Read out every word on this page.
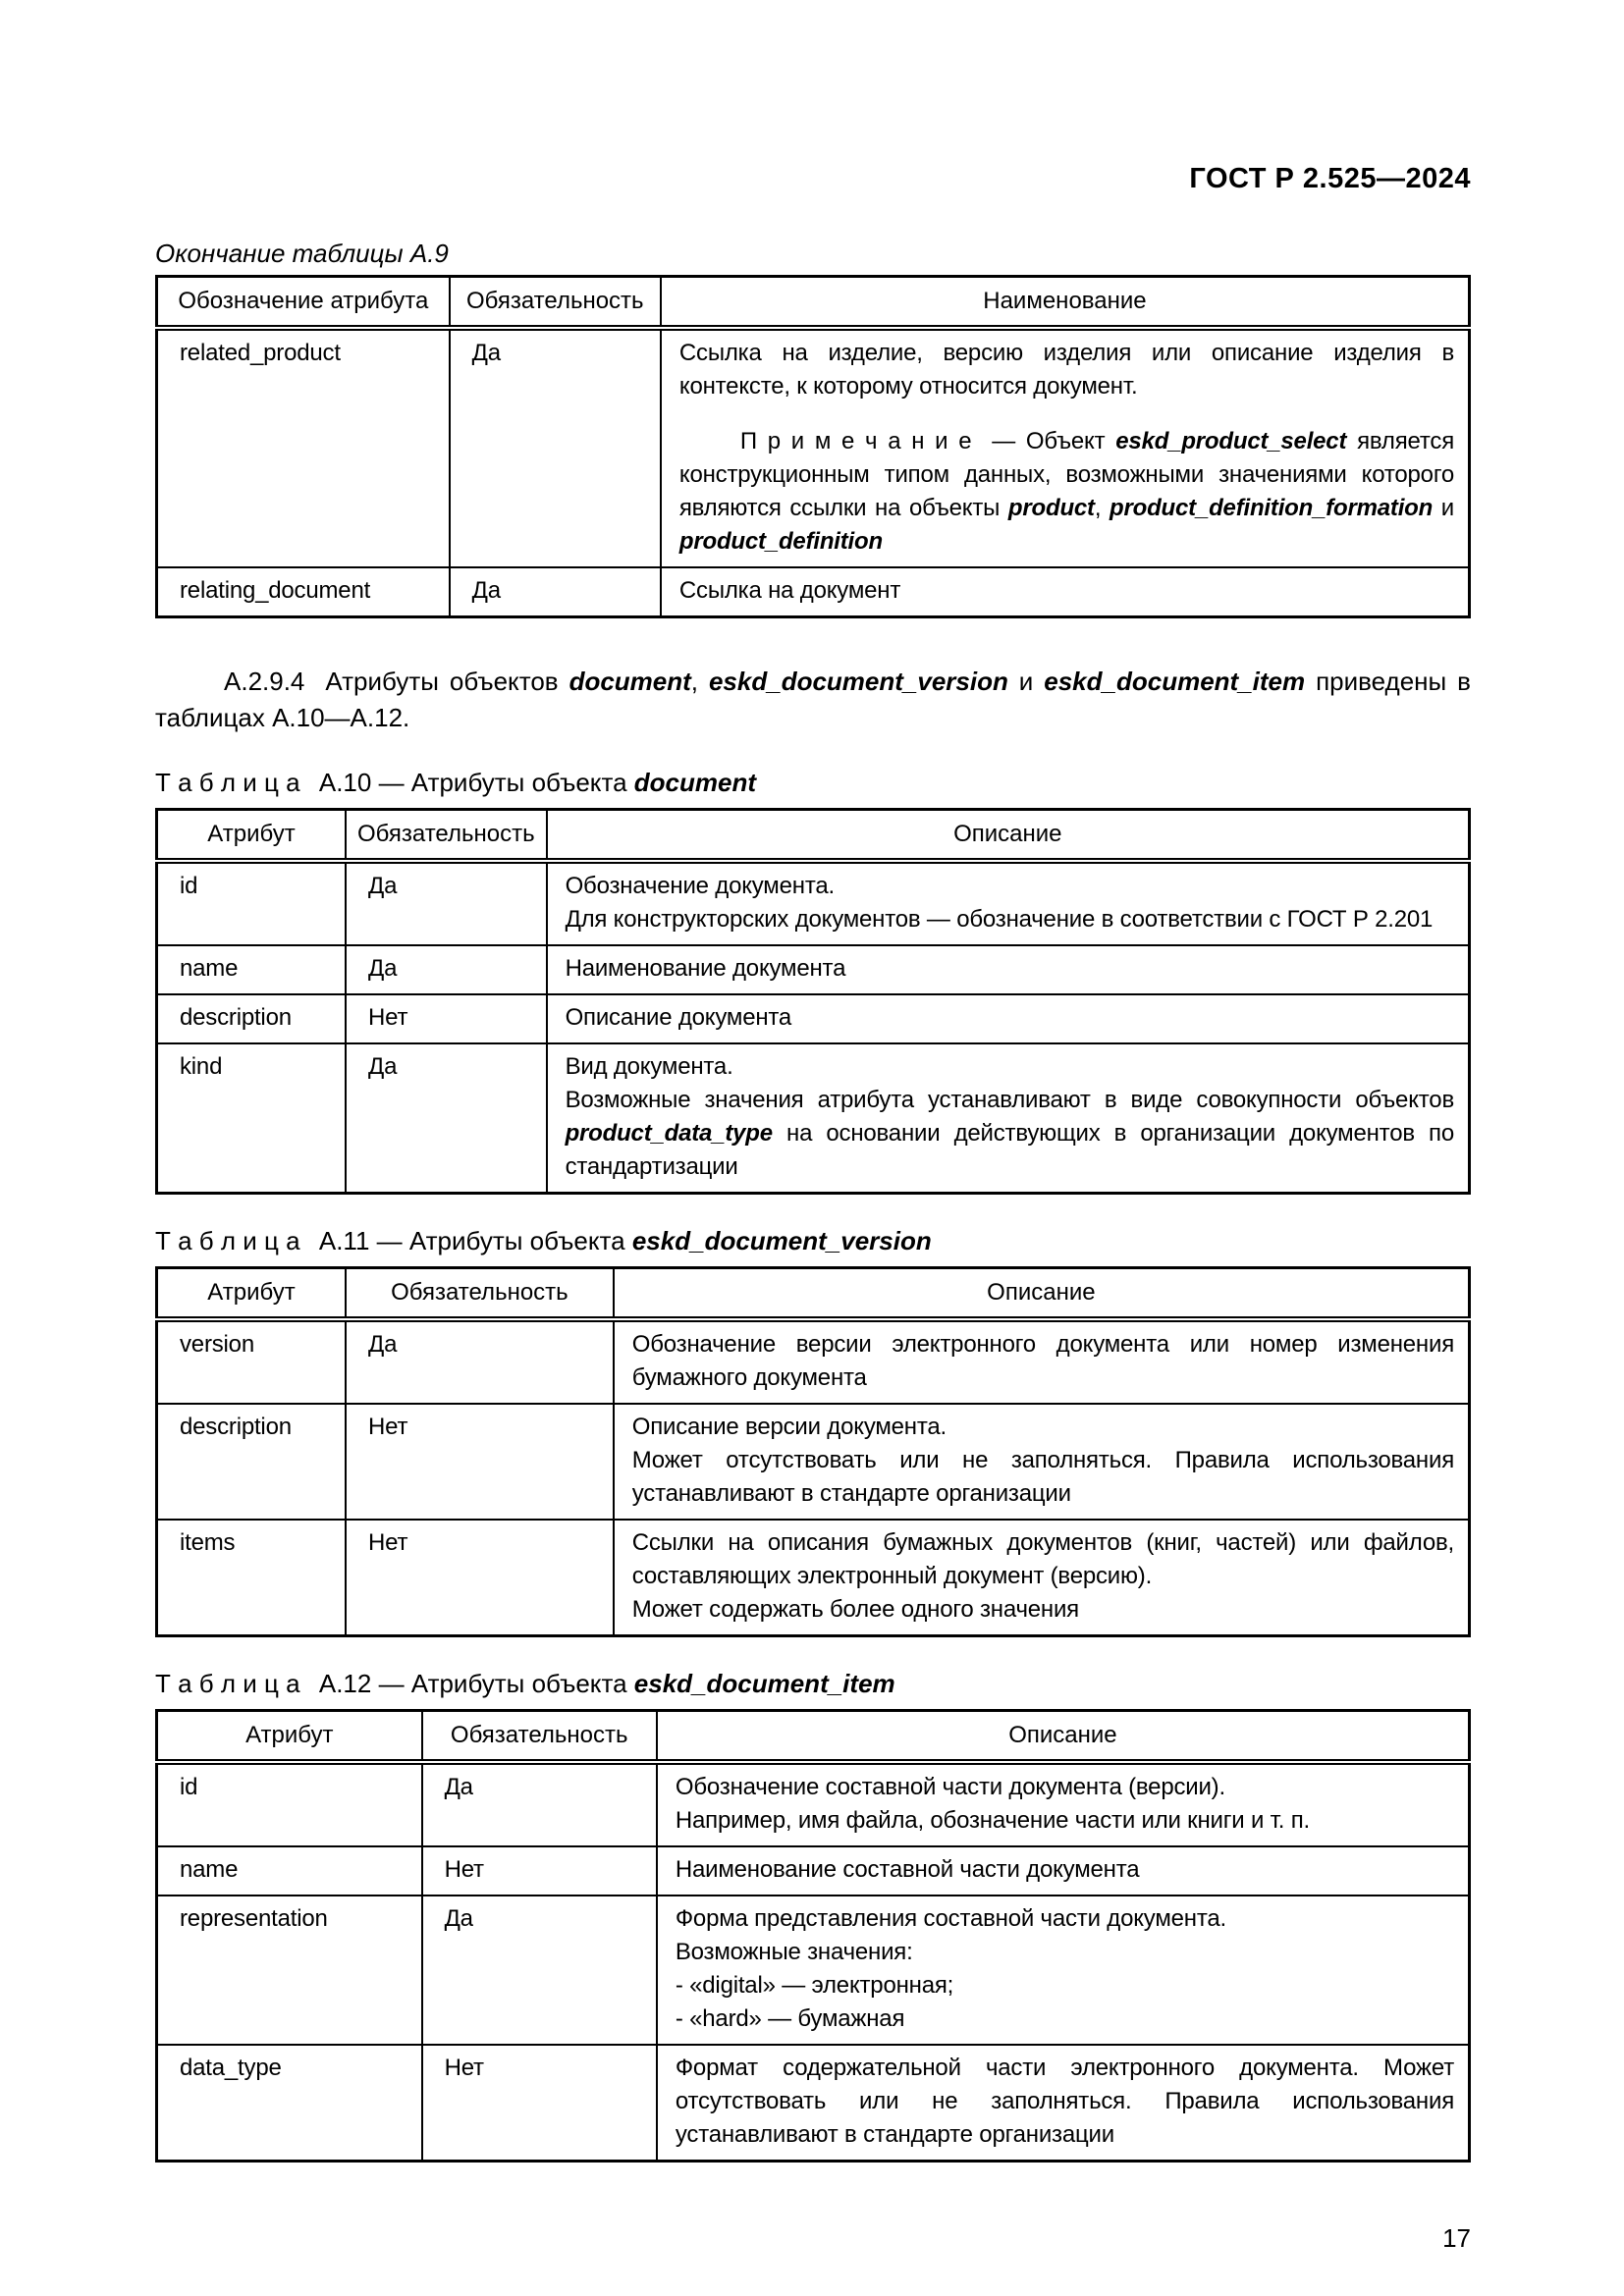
ГОСТ Р 2.525—2024

Окончание таблицы А.9

Обозначение атрибута	Обязательность	Наименование
related_product	Да	Ссылка на изделие, версию изделия или описание изделия в контексте, к которому относится документ.
П р и м е ч а н и е — Объект eskd_product_select является конструкционным типом данных, возможными значениями которого являются ссылки на объекты product, product_definition_formation и product_definition

relating_document	Да	Ссылка на документ

А.2.9.4 Атрибуты объектов document, eskd_document_version и eskd_document_item приведены в таблицах А.10—А.12.

Т а б л и ц а А.10 — Атрибуты объекта document

Атрибут	Обязательность	Описание
id	Да	Обозначение документа.
Для конструкторских документов — обозначение в соответствии с ГОСТ Р 2.201

name	Да	Наименование документа
description	Нет	Описание документа
kind	Да	Вид документа.
Возможные значения атрибута устанавливают в виде совокупности объектов product_data_type на основании действующих в организации документов по стандартизации

Т а б л и ц а А.11 — Атрибуты объекта eskd_document_version

Атрибут	Обязательность	Описание
version	Да	Обозначение версии электронного документа или номер изменения бумажного документа
description	Нет	Описание версии документа.
Может отсутствовать или не заполняться. Правила использования устанавливают в стандарте организации

items	Нет	Ссылки на описания бумажных документов (книг, частей) или файлов, составляющих электронный документ (версию).
Может содержать более одного значения

Т а б л и ц а А.12 — Атрибуты объекта eskd_document_item

Атрибут	Обязательность	Описание
id	Да	Обозначение составной части документа (версии).
Например, имя файла, обозначение части или книги и т. п.

name	Нет	Наименование составной части документа
representation	Да	Форма представления составной части документа.
Возможные значения:
- «digital» — электронная;
- «hard» — бумажная

data_type	Нет	Формат содержательной части электронного документа. Может отсутствовать или не заполняться. Правила использования устанавливают в стандарте организации

17
